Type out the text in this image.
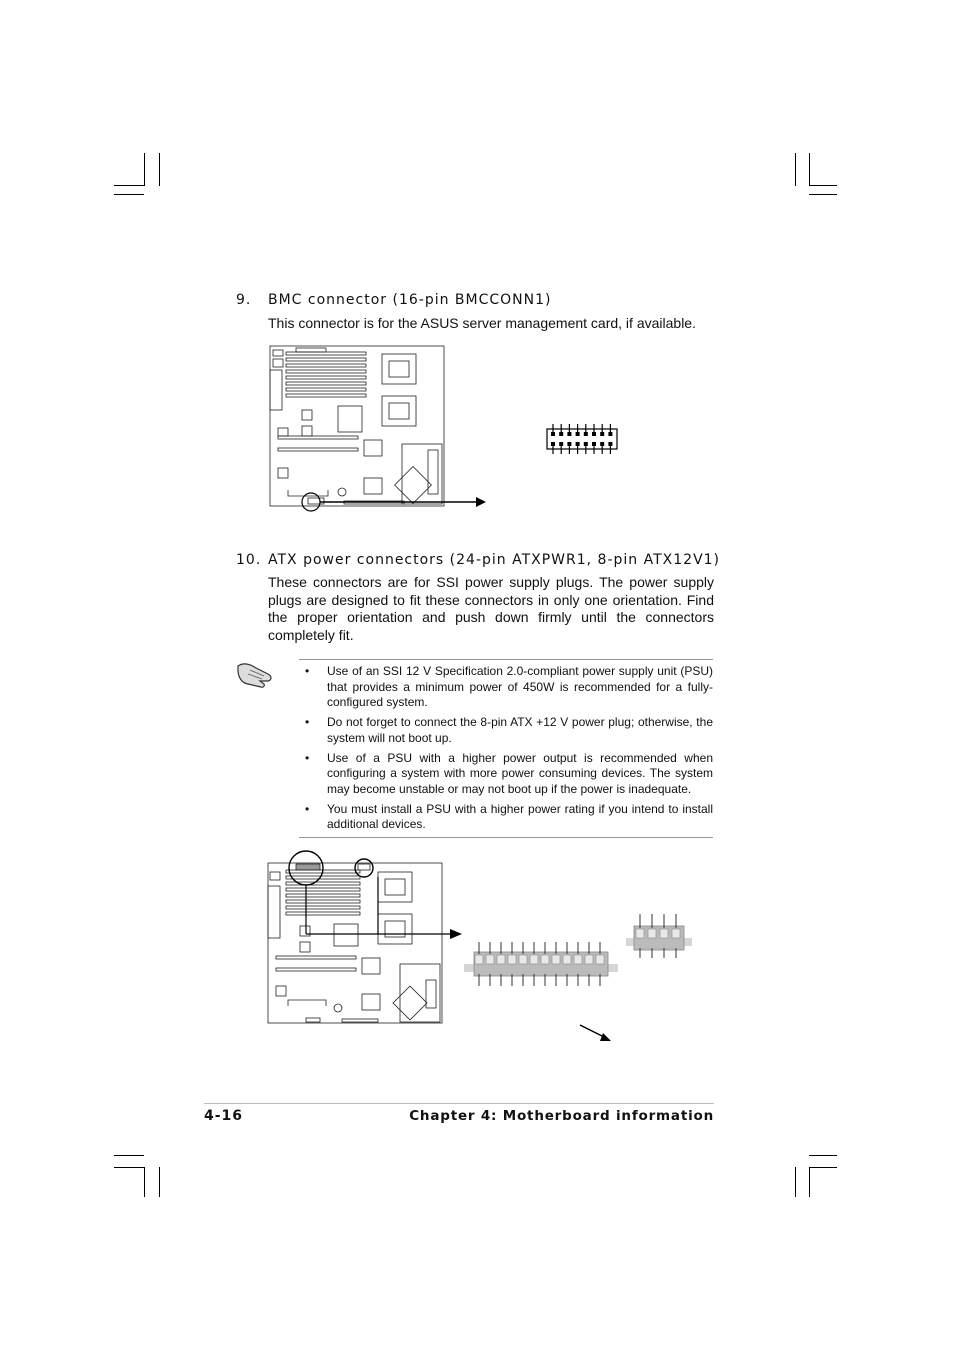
9. BMC connector (16-pin BMCCONN1)
This connector is for the ASUS server management card, if available.
10. ATX power connectors (24-pin ATXPWR1, 8-pin ATX12V1)
These connectors are for SSI power supply plugs. The power supply plugs are designed to fit these connectors in only one orientation. Find the proper orientation and push down firmly until the connectors completely fit.
• Use of an SSI 12 V Specification 2.0-compliant power supply unit (PSU) that provides a minimum power of 450W is recommended for a fully-configured system.
• Do not forget to connect the 8-pin ATX +12 V power plug; otherwise, the system will not boot up.
• Use of a PSU with a higher power output is recommended when configuring a system with more power consuming devices. The system may become unstable or may not boot up if the power is inadequate.
• You must install a PSU with a higher power rating if you intend to install additional devices.
4-16	Chapter 4: Motherboard information
